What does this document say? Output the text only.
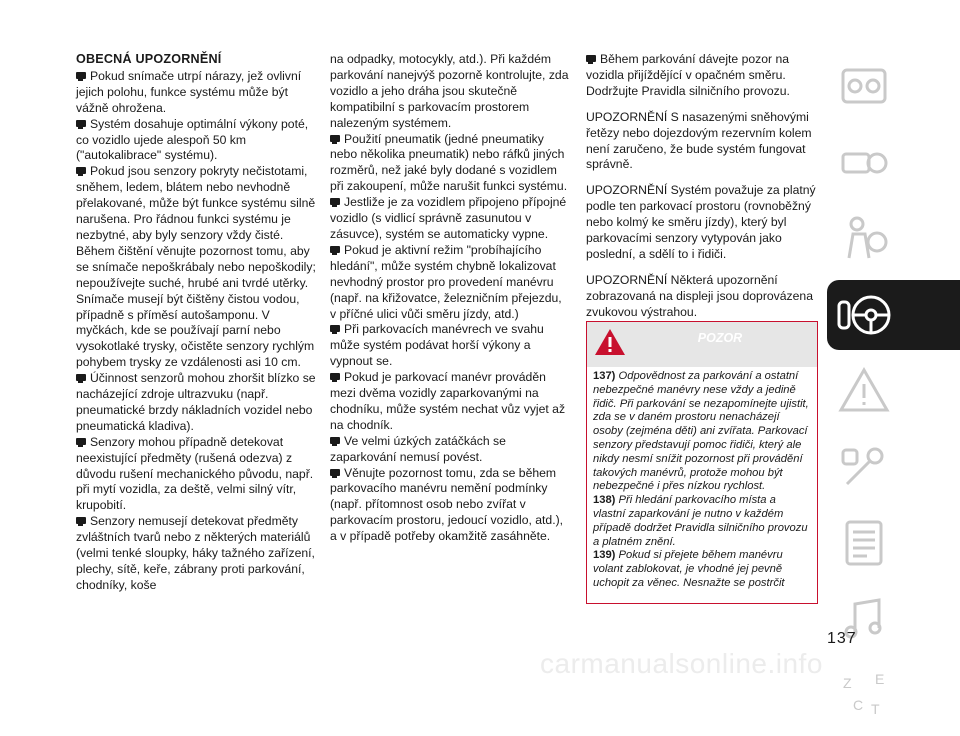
OBECNÁ UPOZORNĚNÍ

Pokud snímače utrpí nárazy, jež ovlivní jejich polohu, funkce systému může být vážně ohrožena.

Systém dosahuje optimální výkony poté, co vozidlo ujede alespoň 50 km ("autokalibrace" systému).

Pokud jsou senzory pokryty nečistotami, sněhem, ledem, blátem nebo nevhodně přelakované, může být funkce systému silně narušena. Pro řádnou funkci systému je nezbytné, aby byly senzory vždy čisté. Během čištění věnujte pozornost tomu, aby se snímače nepoškrábaly nebo nepoškodily; nepoužívejte suché, hrubé ani tvrdé utěrky. Snímače musejí být čištěny čistou vodou, případně s příměsí autošamponu. V myčkách, kde se používají parní nebo vysokotlaké trysky, očistěte senzory rychlým pohybem trysky ze vzdálenosti asi 10 cm.

Účinnost senzorů mohou zhoršit blízko se nacházející zdroje ultrazvuku (např. pneumatické brzdy nákladních vozidel nebo pneumatická kladiva).

Senzory mohou případně detekovat neexistující předměty (rušená odezva) z důvodu rušení mechanického původu, např. při mytí vozidla, za deště, velmi silný vítr, krupobití.

Senzory nemusejí detekovat předměty zvláštních tvarů nebo z některých materiálů (velmi tenké sloupky, háky tažného zařízení, plechy, sítě, keře, zábrany proti parkování, chodníky, koše

na odpadky, motocykly, atd.). Při každém parkování nanejvýš pozorně kontrolujte, zda vozidlo a jeho dráha jsou skutečně kompatibilní s parkovacím prostorem nalezeným systémem.

Použití pneumatik (jedné pneumatiky nebo několika pneumatik) nebo ráfků jiných rozměrů, než jaké byly dodané s vozidlem při zakoupení, může narušit funkci systému.

Jestliže je za vozidlem připojeno přípojné vozidlo (s vidlicí správně zasunutou v zásuvce), systém se automaticky vypne.

Pokud je aktivní režim "probíhajícího hledání", může systém chybně lokalizovat nevhodný prostor pro provedení manévru (např. na křižovatce, železničním přejezdu, v příčné ulici vůči směru jízdy, atd.)

Při parkovacích manévrech ve svahu může systém podávat horší výkony a vypnout se.

Pokud je parkovací manévr prováděn mezi dvěma vozidly zaparkovanými na chodníku, může systém nechat vůz vyjet až na chodník.

Ve velmi úzkých zatáčkách se zaparkování nemusí povést.

Věnujte pozornost tomu, zda se během parkovacího manévru nemění podmínky (např. přítomnost osob nebo zvířat v parkovacím prostoru, jedoucí vozidlo, atd.), a v případě potřeby okamžitě zasáhněte.

Během parkování dávejte pozor na vozidla přijíždějící v opačném směru. Dodržujte Pravidla silničního provozu.

UPOZORNĚNÍ S nasazenými sněhovými řetězy nebo dojezdovým rezervním kolem není zaručeno, že bude systém fungovat správně.

UPOZORNĚNÍ Systém považuje za platný podle ten parkovací prostoru (rovnoběžný nebo kolmý ke směru jízdy), který byl parkovacími senzory vytypován jako poslední, a sdělí to i řidiči.

UPOZORNĚNÍ Některá upozornění zobrazovaná na displeji jsou doprovázena zvukovou výstrahou.

POZOR
137) Odpovědnost za parkování a ostatní nebezpečné manévry nese vždy a jedině řidič. Při parkování se nezapomínejte ujistit, zda se v daném prostoru nenacházejí osoby (zejména děti) ani zvířata. Parkovací senzory představují pomoc řidiči, který ale nikdy nesmí snížit pozornost při provádění takových manévrů, protože mohou být nebezpečné i přes nízkou rychlost.
138) Při hledání parkovacího místa a vlastní zaparkování je nutno v každém případě dodržet Pravidla silničního provozu a platném znění.
139) Pokud si přejete během manévru volant zablokovat, je vhodné jej pevně uchopit za věnec. Nesnažte se postrčit
Z E
C T
137
carmanualsonline.info
